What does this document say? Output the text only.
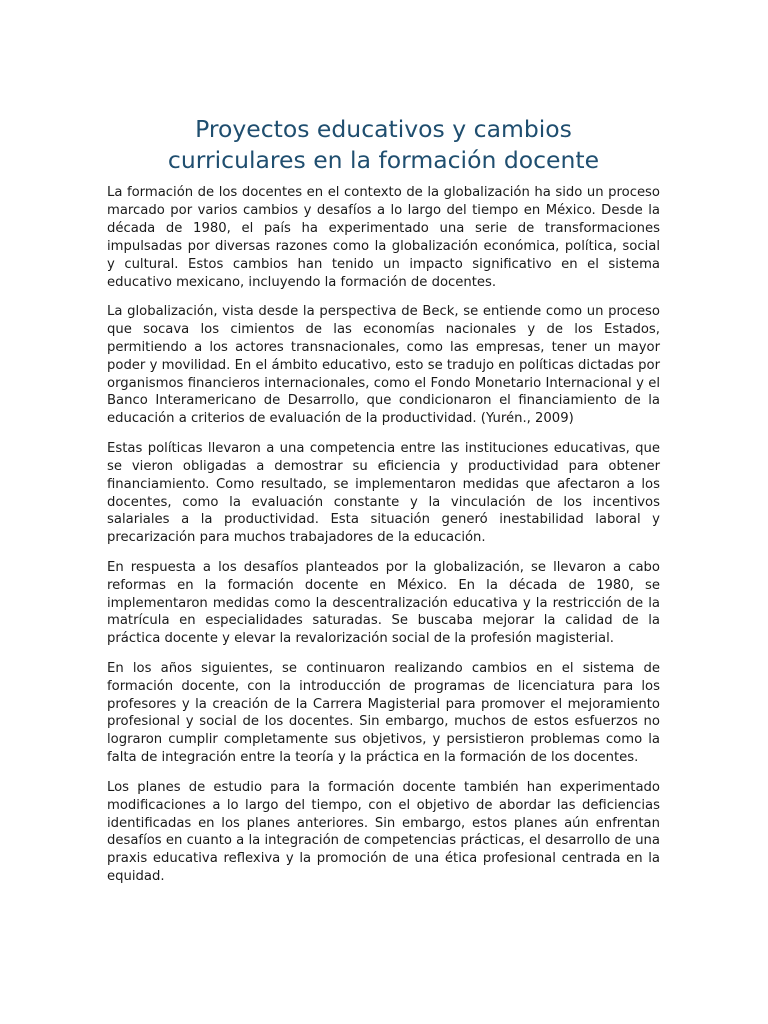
Proyectos educativos y cambios
curriculares en la formación docente

La formación de los docentes en el contexto de la globalización ha sido un proceso marcado por varios cambios y desafíos a lo largo del tiempo en México. Desde la década de 1980, el país ha experimentado una serie de transformaciones impulsadas por diversas razones como la globalización económica, política, social y cultural. Estos cambios han tenido un impacto significativo en el sistema educativo mexicano, incluyendo la formación de docentes.

La globalización, vista desde la perspectiva de Beck, se entiende como un proceso que socava los cimientos de las economías nacionales y de los Estados, permitiendo a los actores transnacionales, como las empresas, tener un mayor poder y movilidad. En el ámbito educativo, esto se tradujo en políticas dictadas por organismos financieros internacionales, como el Fondo Monetario Internacional y el Banco Interamericano de Desarrollo, que condicionaron el financiamiento de la educación a criterios de evaluación de la productividad. (Yurén., 2009)

Estas políticas llevaron a una competencia entre las instituciones educativas, que se vieron obligadas a demostrar su eficiencia y productividad para obtener financiamiento. Como resultado, se implementaron medidas que afectaron a los docentes, como la evaluación constante y la vinculación de los incentivos salariales a la productividad. Esta situación generó inestabilidad laboral y precarización para muchos trabajadores de la educación.

En respuesta a los desafíos planteados por la globalización, se llevaron a cabo reformas en la formación docente en México. En la década de 1980, se implementaron medidas como la descentralización educativa y la restricción de la matrícula en especialidades saturadas. Se buscaba mejorar la calidad de la práctica docente y elevar la revalorización social de la profesión magisterial.

En los años siguientes, se continuaron realizando cambios en el sistema de formación docente, con la introducción de programas de licenciatura para los profesores y la creación de la Carrera Magisterial para promover el mejoramiento profesional y social de los docentes. Sin embargo, muchos de estos esfuerzos no lograron cumplir completamente sus objetivos, y persistieron problemas como la falta de integración entre la teoría y la práctica en la formación de los docentes.

Los planes de estudio para la formación docente también han experimentado modificaciones a lo largo del tiempo, con el objetivo de abordar las deficiencias identificadas en los planes anteriores. Sin embargo, estos planes aún enfrentan desafíos en cuanto a la integración de competencias prácticas, el desarrollo de una praxis educativa reflexiva y la promoción de una ética profesional centrada en la equidad.
